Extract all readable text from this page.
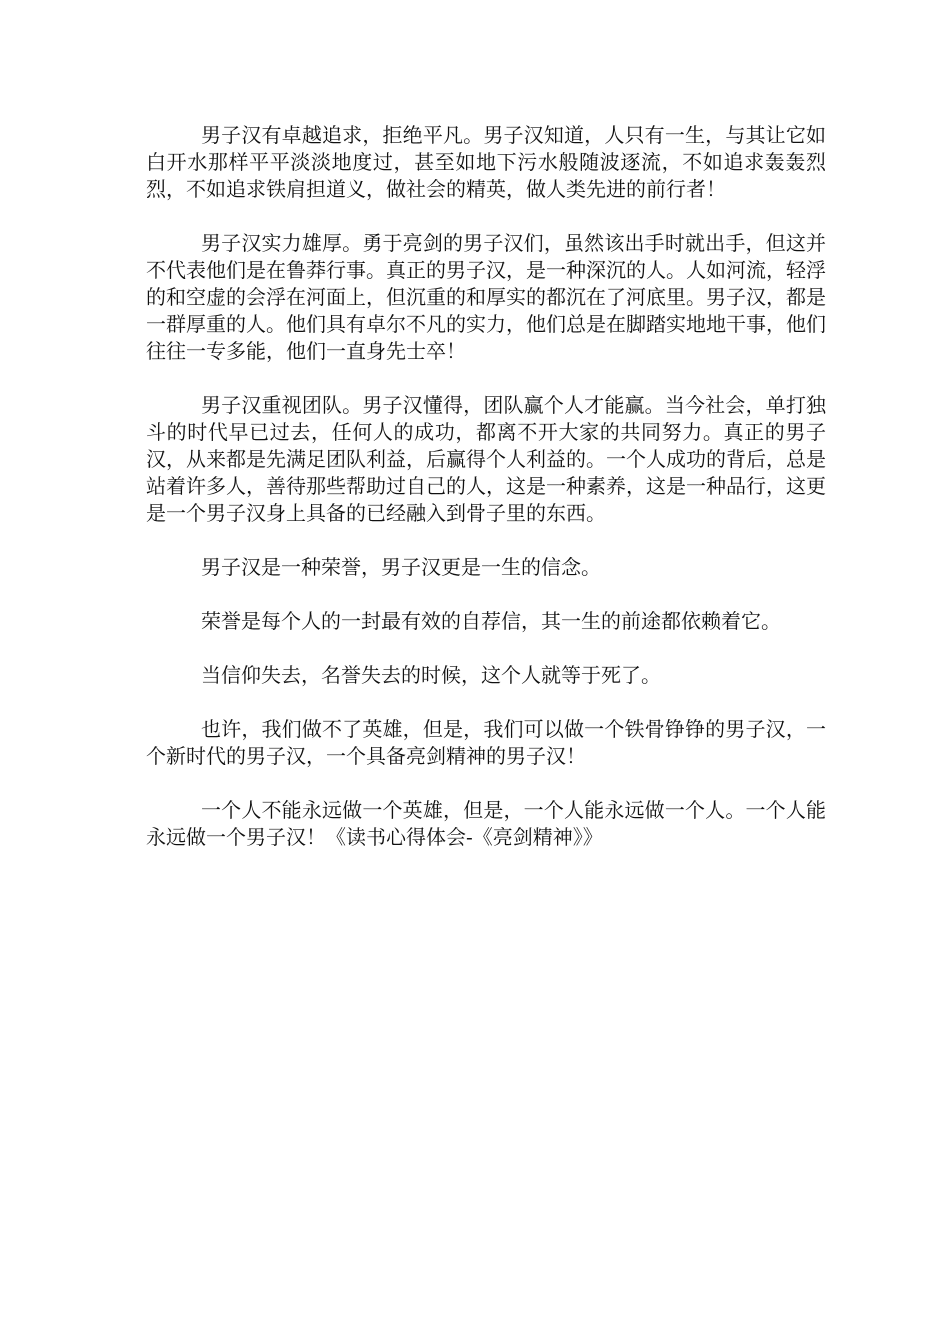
男子汉有卓越追求，拒绝平凡。男子汉知道，人只有一生，与其让它如白开水那样平平淡淡地度过，甚至如地下污水般随波逐流，不如追求轰轰烈烈，不如追求铁肩担道义，做社会的精英，做人类先进的前行者！

男子汉实力雄厚。勇于亮剑的男子汉们，虽然该出手时就出手，但这并不代表他们是在鲁莽行事。真正的男子汉，是一种深沉的人。人如河流，轻浮的和空虚的会浮在河面上，但沉重的和厚实的都沉在了河底里。男子汉，都是一群厚重的人。他们具有卓尔不凡的实力，他们总是在脚踏实地地干事，他们往往一专多能，他们一直身先士卒！

男子汉重视团队。男子汉懂得，团队赢个人才能赢。当今社会，单打独斗的时代早已过去，任何人的成功，都离不开大家的共同努力。真正的男子汉，从来都是先满足团队利益，后赢得个人利益的。一个人成功的背后，总是站着许多人，善待那些帮助过自己的人，这是一种素养，这是一种品行，这更是一个男子汉身上具备的已经融入到骨子里的东西。

男子汉是一种荣誉，男子汉更是一生的信念。

荣誉是每个人的一封最有效的自荐信，其一生的前途都依赖着它。

当信仰失去，名誉失去的时候，这个人就等于死了。

也许，我们做不了英雄，但是，我们可以做一个铁骨铮铮的男子汉，一个新时代的男子汉，一个具备亮剑精神的男子汉！

一个人不能永远做一个英雄，但是，一个人能永远做一个人。一个人能永远做一个男子汉！《读书心得体会-《亮剑精神》》
